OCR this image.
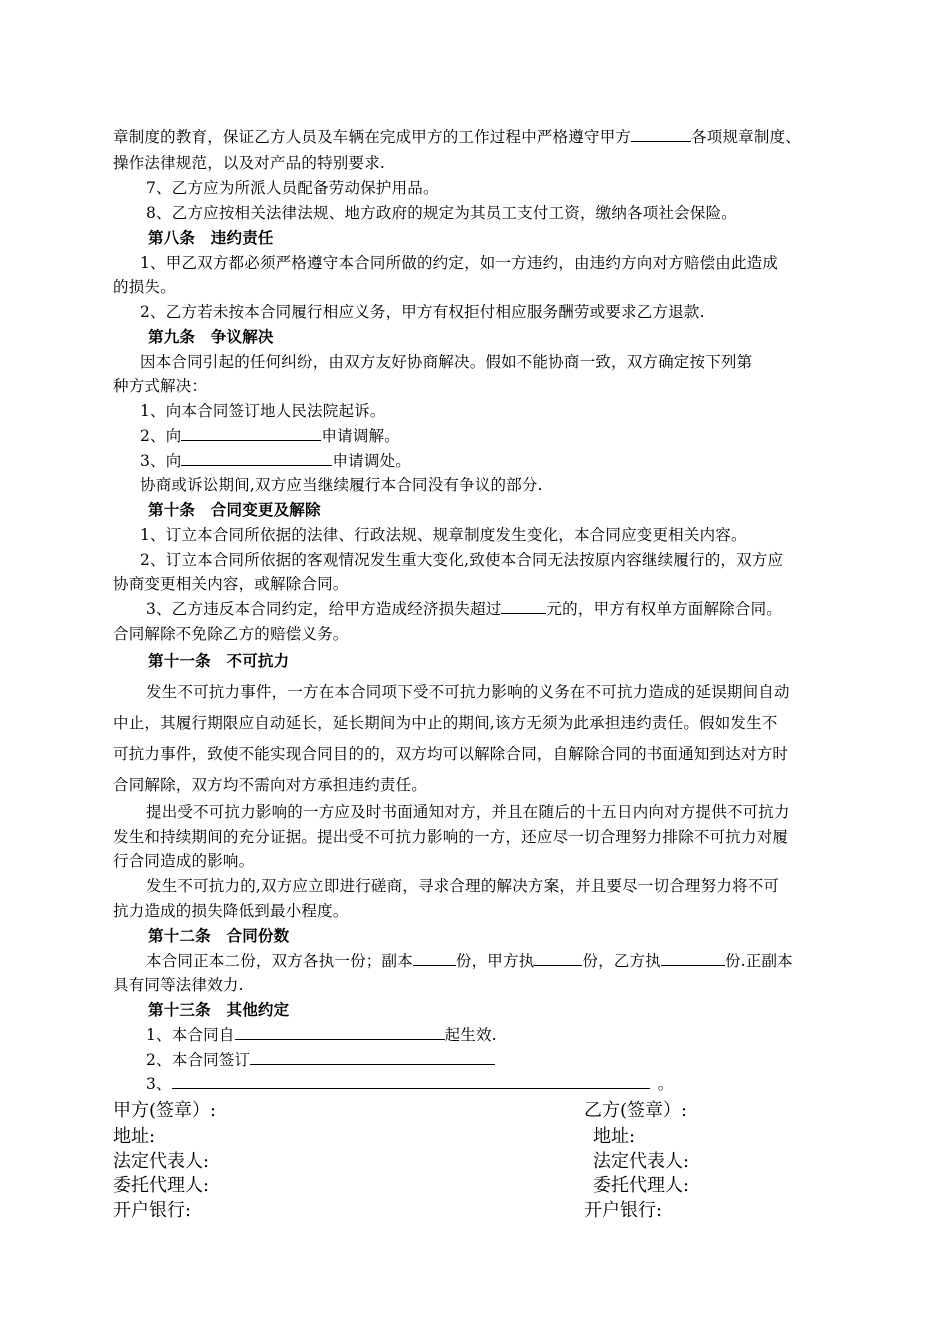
章制度的教育，保证乙方人员及车辆在完成甲方的工作过程中严格遵守甲方	各项规章制度、
操作法律规范，以及对产品的特别要求.
7、乙方应为所派人员配备劳动保护用品。
8、乙方应按相关法律法规、地方政府的规定为其员工支付工资，缴纳各项社会保险。
第八条　违约责任
1、甲乙双方都必须严格遵守本合同所做的约定，如一方违约，由违约方向对方赔偿由此造成
的损失。
2、乙方若未按本合同履行相应义务，甲方有权拒付相应服务酬劳或要求乙方退款.
第九条　争议解决
因本合同引起的任何纠纷，由双方友好协商解决。假如不能协商一致，双方确定按下列第
种方式解决：
1、向本合同签订地人民法院起诉。
2、向	申请调解。
3、向	申请调处。
协商或诉讼期间,双方应当继续履行本合同没有争议的部分.
第十条　合同变更及解除
1、订立本合同所依据的法律、行政法规、规章制度发生变化，本合同应变更相关内容。
2、订立本合同所依据的客观情况发生重大变化,致使本合同无法按原内容继续履行的，双方应
协商变更相关内容，或解除合同。
3、乙方违反本合同约定，给甲方造成经济损失超过	元的，甲方有权单方面解除合同。
合同解除不免除乙方的赔偿义务。
第十一条　不可抗力
发生不可抗力事件，一方在本合同项下受不可抗力影响的义务在不可抗力造成的延误期间自动
中止，其履行期限应自动延长，延长期间为中止的期间,该方无须为此承担违约责任。假如发生不
可抗力事件，致使不能实现合同目的的，双方均可以解除合同，自解除合同的书面通知到达对方时
合同解除，双方均不需向对方承担违约责任。
提出受不可抗力影响的一方应及时书面通知对方，并且在随后的十五日内向对方提供不可抗力
发生和持续期间的充分证据。提出受不可抗力影响的一方，还应尽一切合理努力排除不可抗力对履
行合同造成的影响。
发生不可抗力的,双方应立即进行磋商，寻求合理的解决方案，并且要尽一切合理努力将不可
抗力造成的损失降低到最小程度。
第十二条　合同份数
本合同正本二份，双方各执一份；副本	份，甲方执	份，乙方执	份.正副本
具有同等法律效力.
第十三条　其他约定
1、本合同自	起生效.
2、本合同签订
3、	。
甲方(签章）:
地址:
法定代表人:
委托代理人:
开户银行:
乙方(签章）:
地址:
法定代表人:
委托代理人:
开户银行:
